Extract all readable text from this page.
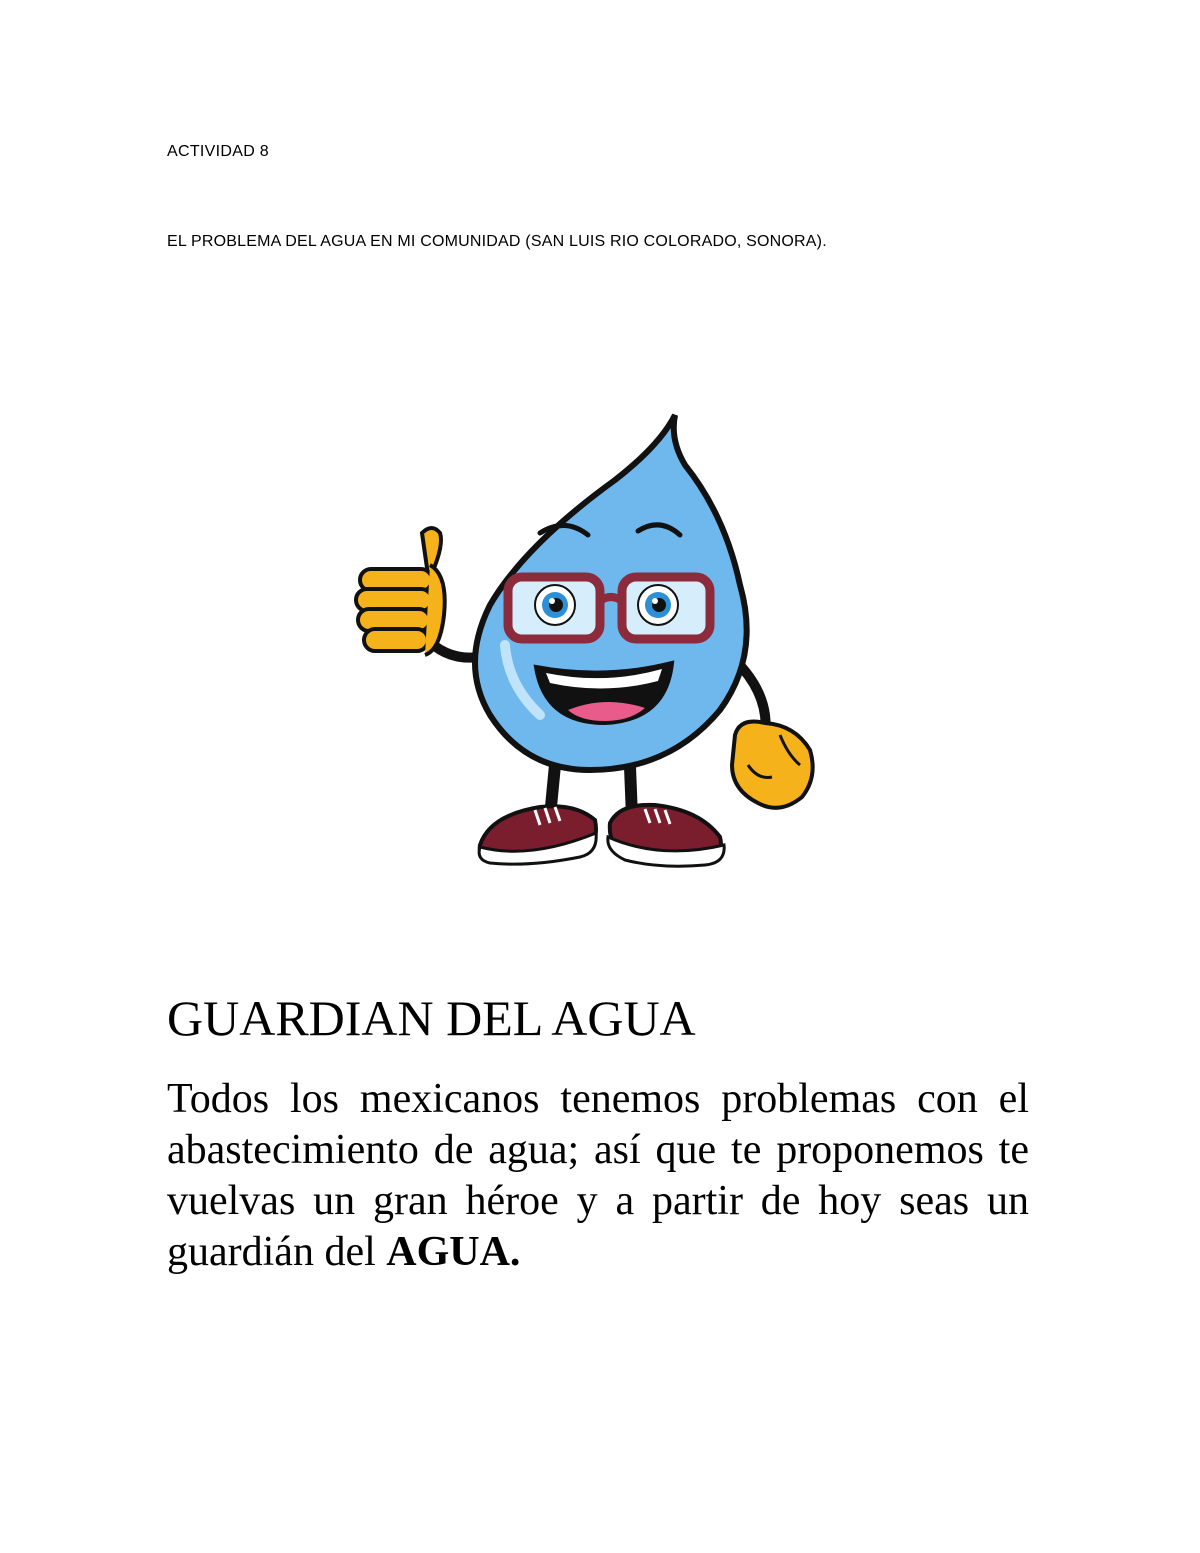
ACTIVIDAD 8
EL PROBLEMA DEL AGUA EN MI COMUNIDAD (SAN LUIS RIO COLORADO, SONORA).
GUARDIAN DEL AGUA
Todos los mexicanos tenemos problemas con el abastecimiento de agua; así que te proponemos te vuelvas un gran héroe y a partir de hoy seas un guardián del AGUA.
